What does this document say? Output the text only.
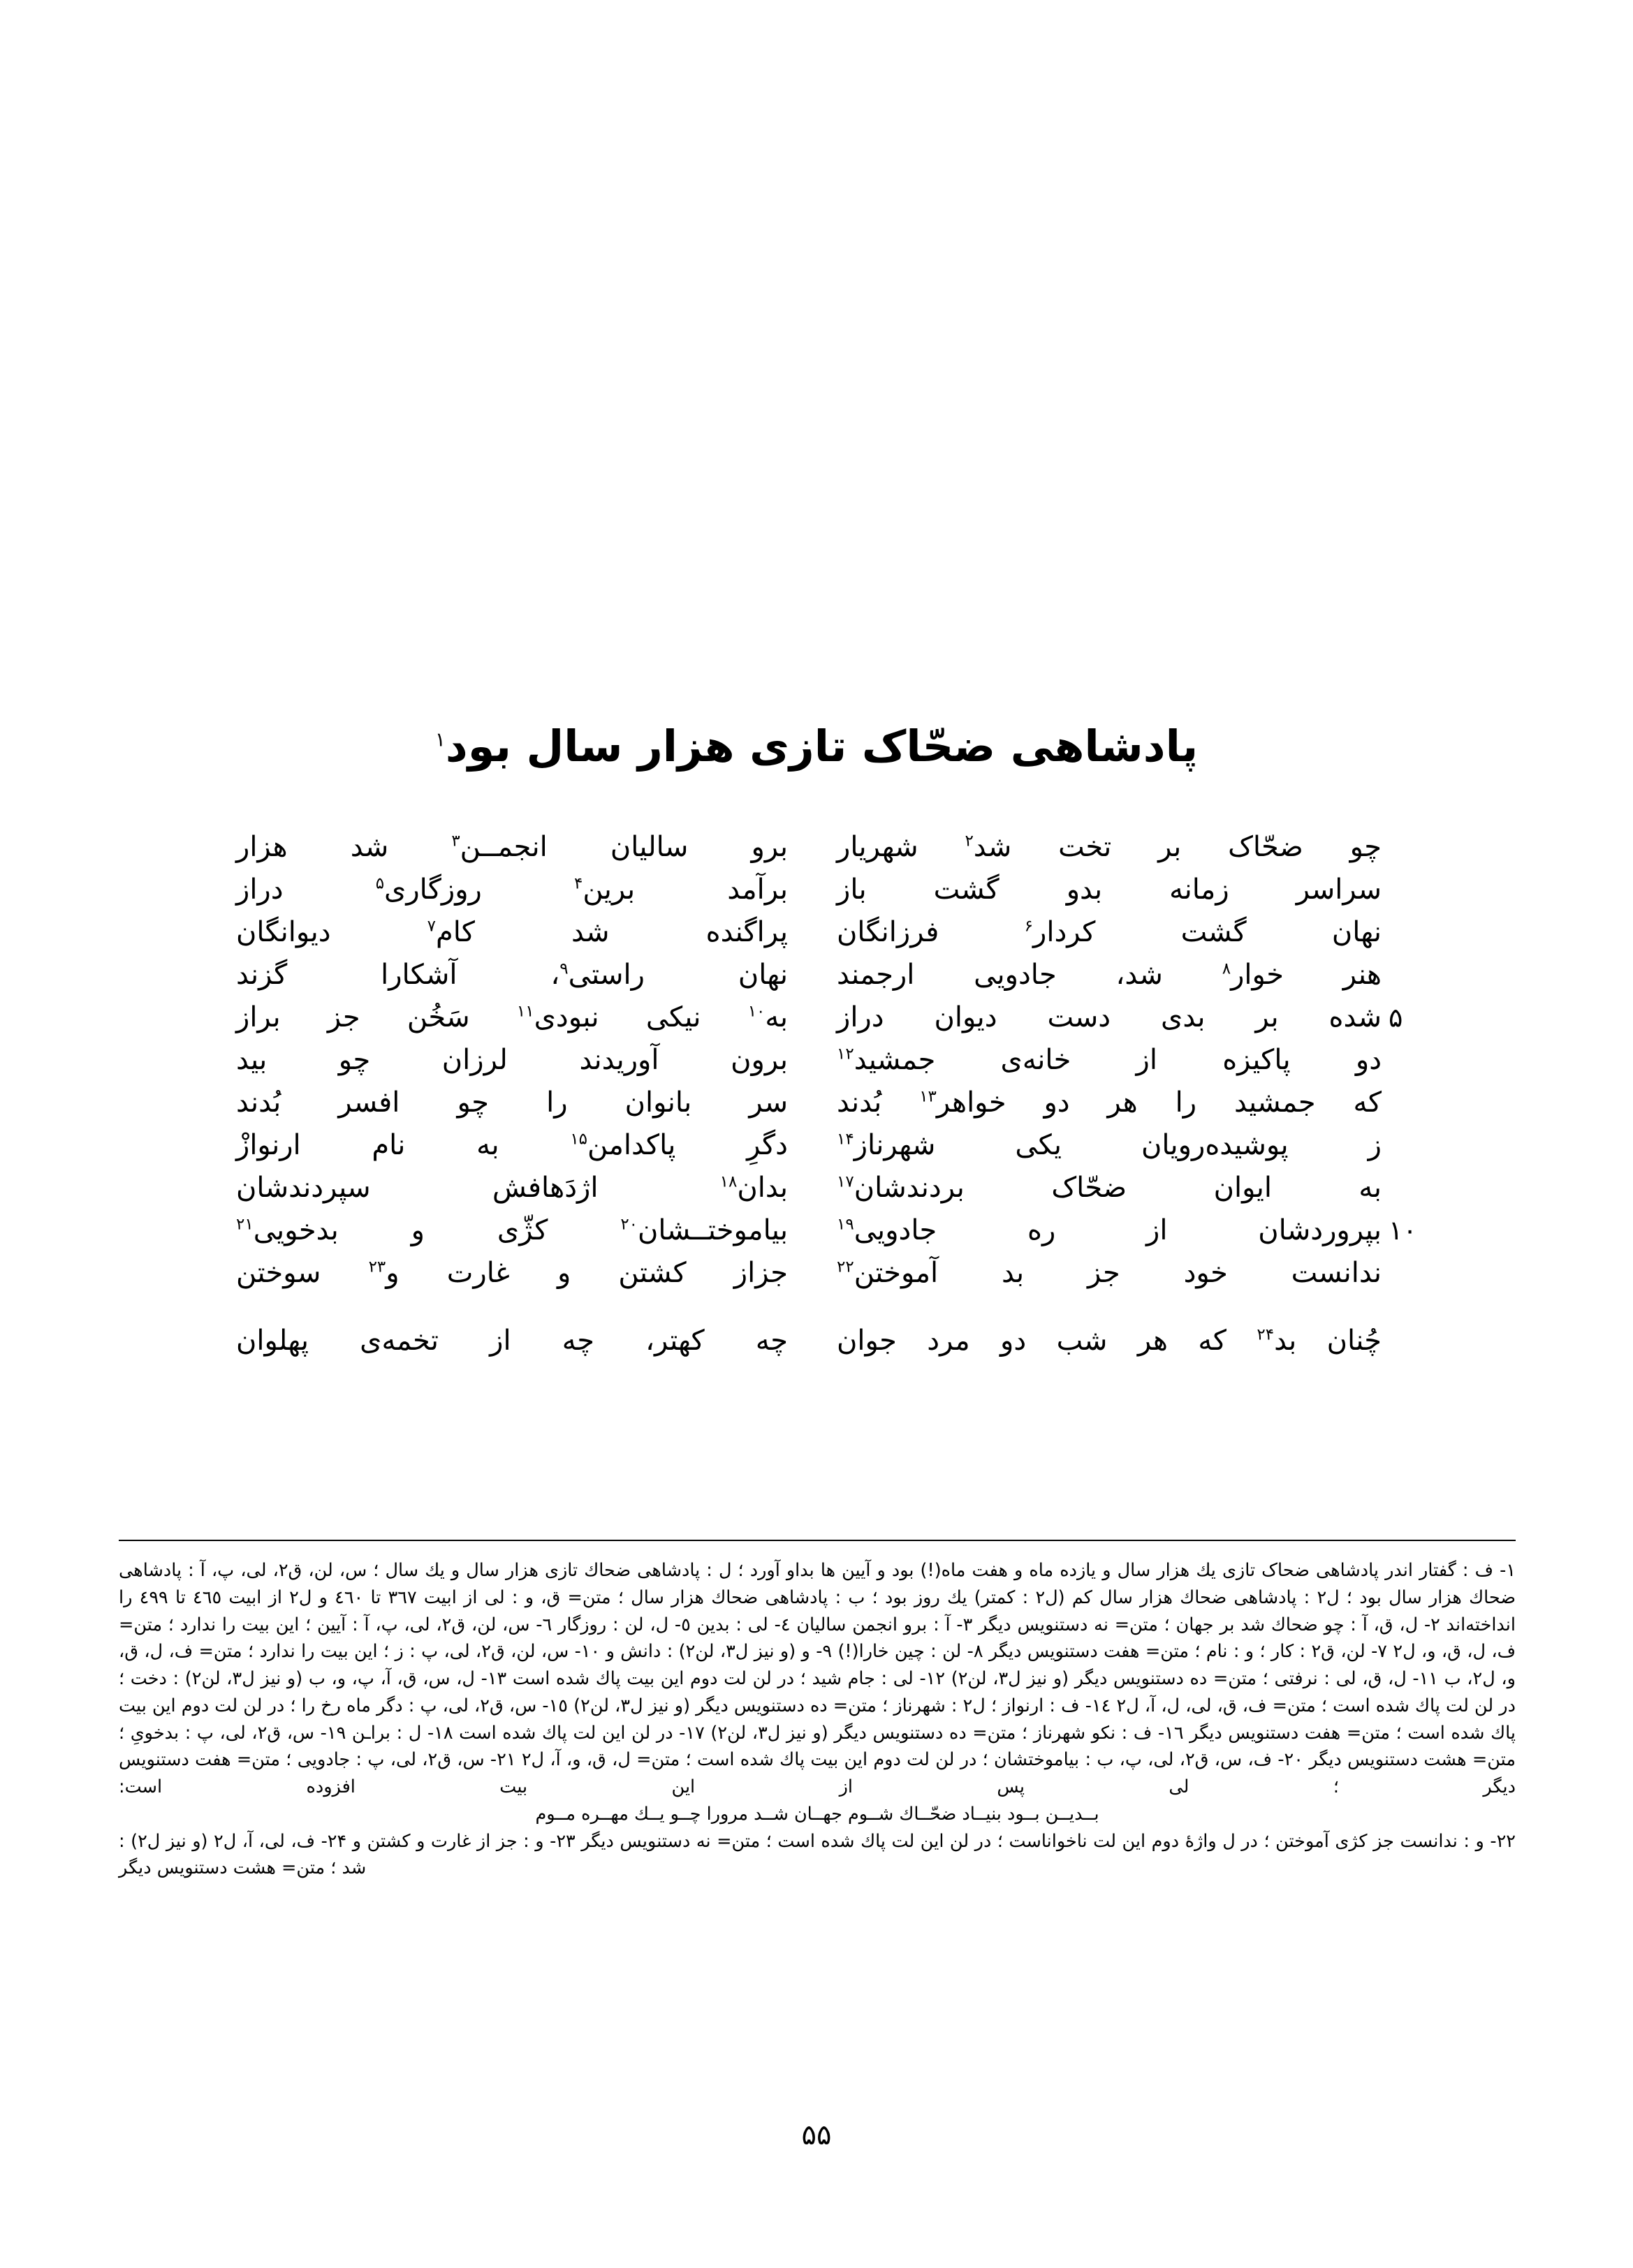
پادشاهی ضحّاک تازی هزار سال بود$^۱$
چو ضحّاک بر تخت شد$^۲$ شهریار
برو سالیان انجمــن$^۳$ شد هزار
سراسر زمانه بدو گشت باز
برآمد برین$^۴$ روزگاری$^۵$ دراز
نهان گشت کردار$^۶$ فرزانگان
پراگنده شد کام$^۷$ دیوانگان
هنر خوار$^۸$ شد، جادویی ارجمند
نهان راستی$^۹$، آشکارا گزند
۵
شده بر بدی دست دیوان دراز
به$^{۱۰}$ نیکی نبودی$^{۱۱}$ سَخُن جز براز
دو پاکیزه از خانه‌ی جمشید$^{۱۲}$
برون آوریدند لرزان چو بید
که جمشید را هر دو خواهر$^{۱۳}$ بُدند
سر بانوان را چو افسر بُدند
ز پوشیده‌رویان یکی شهرناز$^{۱۴}$
دگرِ پاکدامن$^{۱۵}$ به نام ارنوازْ
به ایوان ضحّاک بردندشان$^{۱۷}$
بدان$^{۱۸}$ اژدَهافش سپردندشان
۱۰
بپروردشان از ره جادویی$^{۱۹}$
بیاموختــشان$^{۲۰}$ کژّی و بدخویی$^{۲۱}$
ندانست خود جز بد آموختن$^{۲۲}$
جزاز کشتن و غارت و$^{۲۳}$ سوختن
چُنان بد$^{۲۴}$ که هر شب دو مرد جوان
چه کهتر، چه از تخمه‌ی پهلوان

۱- ف : گفتار اندر پادشاهی ضحاک تازی یك هزار سال و یازده ماه و هفت ماه(!) بود و آیین ها بداو آورد ؛ ل : پادشاهی ضحاك تازی هزار سال و یك سال ؛ س، لن، ق٢، لی، پ، آ : پادشاهی ضحاك هزار سال بود ؛ ل٢ : پادشاهی ضحاك هزار سال كم (ل٢ : كمتر) یك روز بود ؛ ب : پادشاهی ضحاك هزار سال ؛ متن= ق، و : لی از ابیت ٣٦٧ تا ٤٦٠ و ل٢ از ابیت ٤٦٥ تا ٤٩٩ را انداخته‌اند ٢- ل، ق، آ : چو ضحاك شد بر جهان ؛ متن= نه دستنویس دیگر ٣- آ : برو انجمن سالیان ٤- لی : بدین ٥- ل، لن : روزگار ٦- س، لن، ق٢، لی، پ، آ : آیین ؛ این بیت را ندارد ؛ متن= ف، ل، ق، و، ل٢ ٧- لن، ق٢ : كار ؛ و : نام ؛ متن= هفت دستنویس دیگر ٨- لن : چین خارا(!) ٩- و (و نیز ل٣، لن٢) : دانش و ١٠- س، لن، ق٢، لی، پ : ز ؛ این بیت را ندارد ؛ متن= ف، ل، ق، و، ل٢، ب ١١- ل، ق، لی : نرفتی ؛ متن= ده دستنویس دیگر (و نیز ل٣، لن٢) ١٢- لی : جام شید ؛ در لن لت دوم این بیت پاك شده است ١٣- ل، س، ق، آ، پ، و، ب (و نیز ل٣، لن٢) : دخت ؛ در لن لت پاك شده است ؛ متن= ف، ق، لی، ل، آ، ل٢ ١٤- ف : ارنواز ؛ ل٢ : شهرناز ؛ متن= ده دستنویس دیگر (و نیز ل٣، لن٢) ١٥- س، ق٢، لی، پ : دگر ماه رخ را ؛ در لن لت دوم این بیت پاك شده است ؛ متن= هفت دستنویس دیگر ١٦- ف : نكو شهرناز ؛ متن= ده دستنویس دیگر (و نیز ل٣، لن٢) ١٧- در لن این لت پاك شده است ١٨- ل : براـن ١٩- س، ق٢، لی، پ : بدخویِ ؛ متن= هشت دستنویس دیگر ٢٠- ف، س، ق٢، لی، پ، ب : بیاموختشان ؛ در لن لت دوم این بیت پاك شده است ؛ متن= ل، ق، و، آ، ل٢ ٢١- س، ق٢، لی، پ : جادویی ؛ متن= هفت دستنویس دیگر ؛ لی پس از این بیت افزوده است:

بــدیــن بــود بنیــاد ضحّــاك شــوم جهــان شــد مرورا چــو یــك مهــره مــوم

۲۲- و : ندانست جز كژی آموختن ؛ در ل واژهٔ دوم این لت ناخواناست ؛ در لن این لت پاك شده است ؛ متن= نه دستنویس دیگر ۲۳- و : جز از غارت و كشتن و ۲۴- ف، لی، آ، ل٢ (و نیز ل٢) : شد ؛ متن= هشت دستنویس دیگر

۵۵
